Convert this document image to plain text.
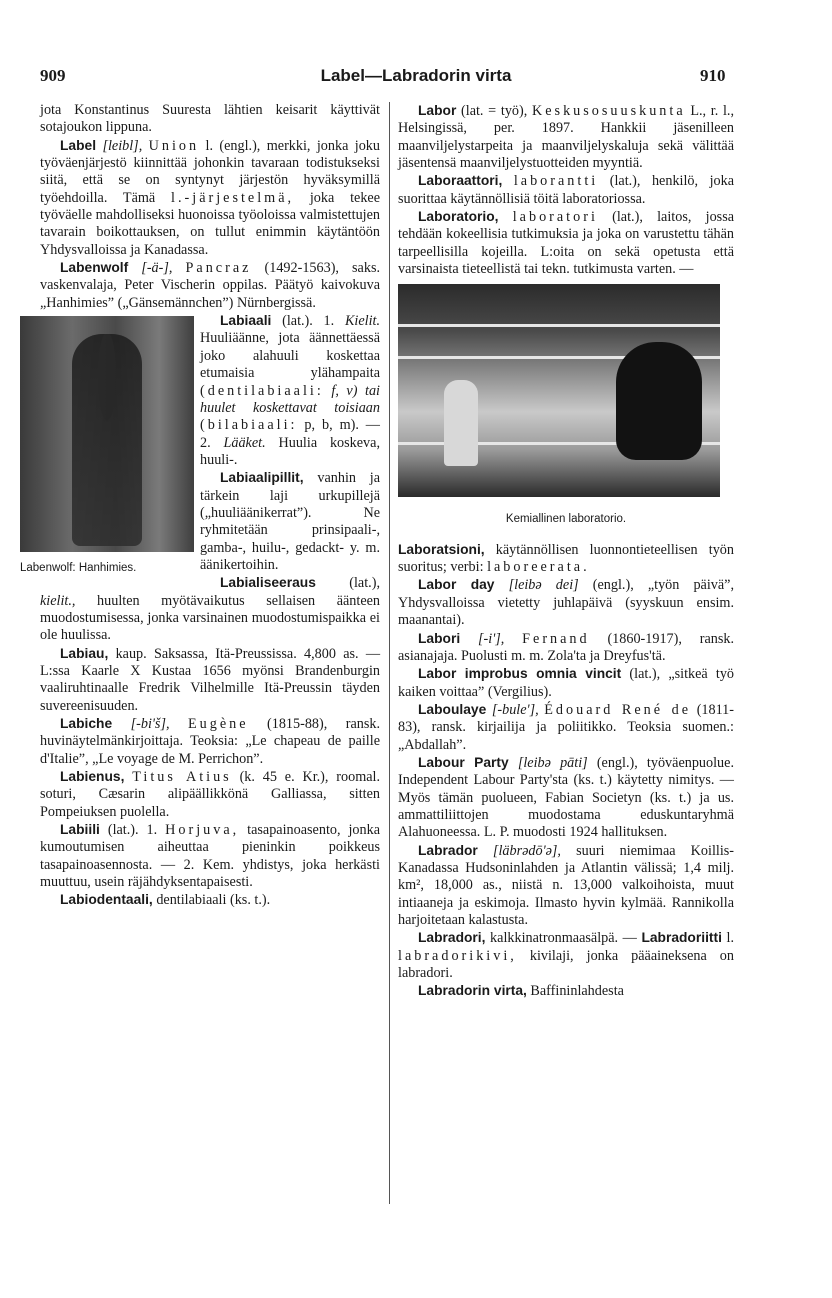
909	Label—Labradorin virta	910

jota Konstantinus Suuresta lähtien keisarit käyttivät sotajoukon lippuna.

Label [leibl], Union l. (engl.), merkki, jonka joku työväenjärjestö kiinnittää johonkin tavaraan todistukseksi siitä, että se on syntynyt järjestön hyväksymillä työehdoilla. Tämä l.-järjestelmä, joka tekee työväelle mahdolliseksi huonoissa työoloissa valmistettujen tavarain boikottauksen, on tullut enimmin käytäntöön Yhdysvalloissa ja Kanadassa.

Labenwolf [-ä-], Pancraz (1492-1563), saks. vaskenvalaja, Peter Vischerin oppilas. Päätyö kaivokuva „Hanhimies” („Gänsemännchen”) Nürnbergissä.

Labenwolf: Hanhimies.

Labiaali (lat.). 1. Kielit. Huuliäänne, jota äännettäessä joko alahuuli koskettaa etumaisia ylähampaita (dentilabiaali: f, v) tai huulet koskettavat toisiaan (bilabiaali: p, b, m). — 2. Lääket. Huulia koskeva, huuli-.

Labiaalipillit, vanhin ja tärkein laji urkupillejä („huuliäänikerrat”). Ne ryhmitetään prinsipaali-, gamba-, huilu-, gedackt- y. m. äänikertoihin.

Labialiseeraus (lat.), kielit., huulten myötävaikutus sellaisen äänteen muodostumisessa, jonka varsinainen muodostumispaikka ei ole huulissa.

Labiau, kaup. Saksassa, Itä-Preussissa. 4,800 as. — L:ssa Kaarle X Kustaa 1656 myönsi Brandenburgin vaaliruhtinaalle Fredrik Vilhelmille Itä-Preussin täyden suvereenisuuden.

Labiche [-bi'š], Eugène (1815-88), ransk. huvinäytelmänkirjoittaja. Teoksia: „Le chapeau de paille d'Italie”, „Le voyage de M. Perrichon”.

Labienus, Titus Atius (k. 45 e. Kr.), roomal. soturi, Cæsarin alipäällikkönä Galliassa, sitten Pompeiuksen puolella.

Labiili (lat.). 1. Horjuva, tasapainoasento, jonka kumoutumisen aiheuttaa pieninkin poikkeus tasapainoasennosta. — 2. Kem. yhdistys, joka herkästi muuttuu, usein räjähdyksentapaisesti.

Labiodentaali, dentilabiaali (ks. t.).

Labor (lat. = työ), Keskusosuuskunta L., r. l., Helsingissä, per. 1897. Hankkii jäsenilleen maanviljelystarpeita ja maanviljelyskaluja sekä välittää jäsentensä maanviljelystuotteiden myyntiä.

Laboraattori, laborantti (lat.), henkilö, joka suorittaa käytännöllisiä töitä laboratoriossa.

Laboratorio, laboratori (lat.), laitos, jossa tehdään kokeellisia tutkimuksia ja joka on varustettu tähän tarpeellisilla kojeilla. L:oita on sekä opetusta että varsinaista tieteellistä tai tekn. tutkimusta varten. —

Kemiallinen laboratorio.

Laboratsioni, käytännöllisen luonnontieteellisen työn suoritus; verbi: laboreerata.

Labor day [leibə dei] (engl.), „työn päivä”, Yhdysvalloissa vietetty juhlapäivä (syyskuun ensim. maanantai).

Labori [-i'], Fernand (1860-1917), ransk. asianajaja. Puolusti m. m. Zola'ta ja Dreyfus'tä.

Labor improbus omnia vincit (lat.), „sitkeä työ kaiken voittaa” (Vergilius).

Laboulaye [-bule'], Édouard René de (1811-83), ransk. kirjailija ja poliitikko. Teoksia suomen.: „Abdallah”.

Labour Party [leibə pāti] (engl.), työväenpuolue. Independent Labour Party'sta (ks. t.) käytetty nimitys. — Myös tämän puolueen, Fabian Societyn (ks. t.) ja us. ammattiliittojen muodostama eduskuntaryhmä Alahuoneessa. L. P. muodosti 1924 hallituksen.

Labrador [läbrədō'ə], suuri niemimaa Koillis-Kanadassa Hudsoninlahden ja Atlantin välissä; 1,4 milj. km², 18,000 as., niistä n. 13,000 valkoihoista, muut intiaaneja ja eskimoja. Ilmasto hyvin kylmää. Rannikolla harjoitetaan kalastusta.

Labradori, kalkkinatronmaasälpä. — Labradoriitti l. labradorikivi, kivilaji, jonka pääaineksena on labradori.

Labradorin virta, Baffininlahdesta
